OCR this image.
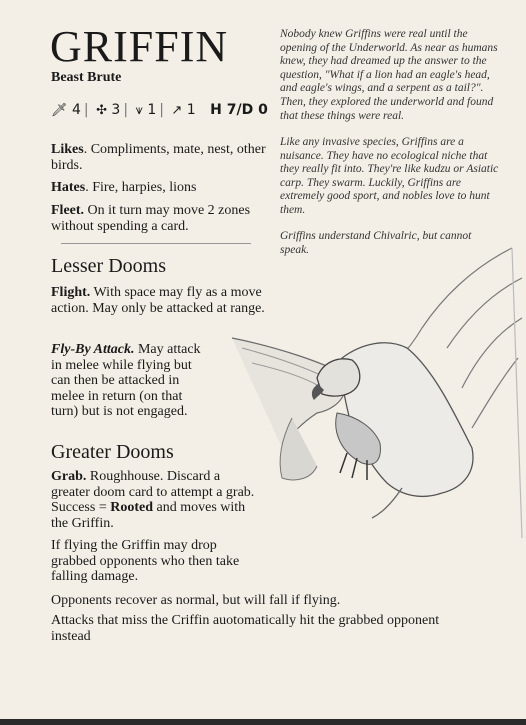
GRIFFIN
Beast Brute
🗡︎ 4 | ✣ 3 | ⩛ 1 | ↗ 1 H 7/D 0

Likes. Compliments, mate, nest, other birds.

Hates. Fire, harpies, lions

Fleet. On it turn may move 2 zones without spending a card.

Lesser Dooms

Flight. With space may fly as a move action. May only be attacked at range.

Fly-By Attack. May attack in melee while flying but can then be attacked in melee in return (on that turn) but is not engaged.

Greater Dooms

Grab. Roughhouse. Discard a greater doom card to attempt a grab. Success = Rooted and moves with the Griffin.

If flying the Griffin may drop grabbed opponents who then take falling damage.

Opponents recover as normal, but will fall if flying.

Attacks that miss the Criffin auotomatically hit the grabbed opponent instead

Nobody knew Griffins were real until the opening of the Underworld. As near as humans knew, they had dreamed up the answer to the question, "What if a lion had an eagle's head, and eagle's wings, and a serpent as a tail?". Then, they explored the underworld and found that these things were real.

Like any invasive species, Griffins are a nuisance. They have no ecological niche that they really fit into. They're like kudzu or Asiatic carp. They swarm. Luckily, Griffins are extremely good sport, and nobles love to hunt them.

Griffins understand Chivalric, but cannot speak.
